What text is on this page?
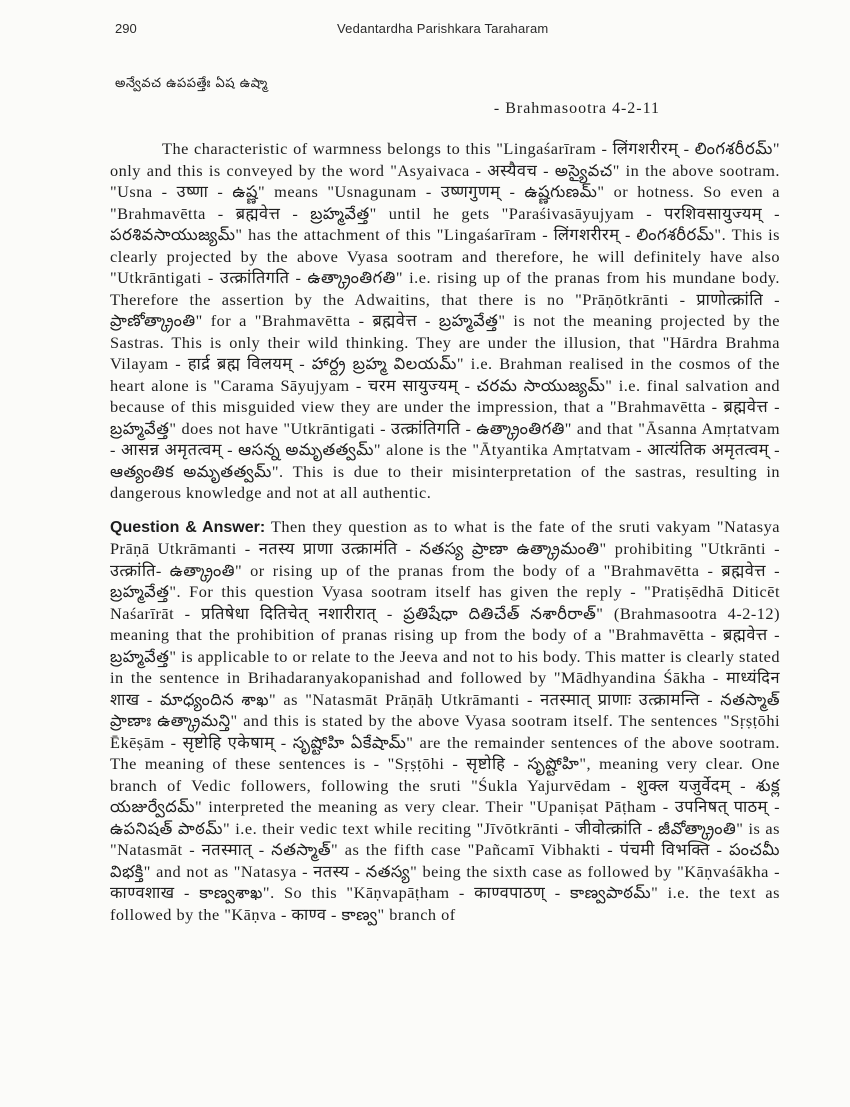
290	Vedantardha Parishkara Taraharam
అన్వేవచ ఉపపత్తేః ఏష ఉష్మా
- Brahmasootra 4-2-11

The characteristic of warmness belongs to this "Lingaśarīram - लिंगशरीरम् - లింగశరీరమ్" only and this is conveyed by the word "Asyaivaca - अस्यैवच - అస్యైవచ" in the above sootram. "Usna - उष्णा - ఉష్ణ" means "Usnagunam - उष्णगुणम् - ఉష్ణగుణమ్" or hotness. So even a "Brahmavētta - ब्रह्मवेत्त - బ్రహ్మవేత్త" until he gets "Paraśivasāyujyam - परशिवसायुज्यम् - పరశివసాయుజ్యమ్" has the attachment of this "Lingaśarīram - लिंगशरीरम् - లింగశరీరమ్". This is clearly projected by the above Vyasa sootram and therefore, he will definitely have also "Utkrāntigati - उत्क्रांतिगति - ఉత్క్రాంతిగతి" i.e. rising up of the pranas from his mundane body. Therefore the assertion by the Adwaitins, that there is no "Prāṇōtkrānti - प्राणोत्क्रांति - ప్రాణోత్క్రాంతి" for a "Brahmavētta - ब्रह्मवेत्त - బ్రహ్మవేత్త" is not the meaning projected by the Sastras. This is only their wild thinking. They are under the illusion, that "Hārdra Brahma Vilayam - हार्द्र ब्रह्म विलयम् - హార్ద్ర బ్రహ్మ విలయమ్" i.e. Brahman realised in the cosmos of the heart alone is "Carama Sāyujyam - चरम सायुज्यम् - చరమ సాయుజ్యమ్" i.e. final salvation and because of this misguided view they are under the impression, that a "Brahmavētta - ब्रह्मवेत्त - బ్రహ్మవేత్త" does not have "Utkrāntigati - उत्क्रांतिगति - ఉత్క్రాంతిగతి" and that "Āsanna Amṛtatvam - आसन्न अमृतत्वम् - ఆసన్న అమృతత్వమ్" alone is the "Ātyantika Amṛtatvam - आत्यंतिक अमृतत्वम् - ఆత్యంతిక అమృతత్వమ్". This is due to their misinterpretation of the sastras, resulting in dangerous knowledge and not at all authentic.

Question & Answer: Then they question as to what is the fate of the sruti vakyam "Natasya Prāṇā Utkrāmanti - नतस्य प्राणा उत्क्रामंति - నతస్య ప్రాణా ఉత్క్రామంతి" prohibiting "Utkrānti - उत्क्रांति- ఉత్క్రాంతి" or rising up of the pranas from the body of a "Brahmavētta - ब्रह्मवेत्त - బ్రహ్మవేత్త". For this question Vyasa sootram itself has given the reply - "Pratiṣēdhā Diticēt Naśarīrāt - प्रतिषेधा दितिचेत् नशारीरात् - ప్రతిషేధా దితిచేత్ నశారీరాత్" (Brahmasootra 4-2-12) meaning that the prohibition of pranas rising up from the body of a "Brahmavētta - ब्रह्मवेत्त - బ్రహ్మవేత్త" is applicable to or relate to the Jeeva and not to his body. This matter is clearly stated in the sentence in Brihadaranyakopanishad and followed by "Mādhyandina Śākha - माध्यंदिन शाख - మాధ్యందిన శాఖ" as "Natasmāt Prāṇāḥ Utkrāmanti - नतस्मात् प्राणाः उत्क्रामन्ति - నతస్మాత్ ప్రాణాః ఉత్క్రామన్తి" and this is stated by the above Vyasa sootram itself. The sentences "Sṛṣṭōhi Ēkēṣām - सृष्टोहि एकेषाम् - సృష్టోహి ఏకేషామ్" are the remainder sentences of the above sootram. The meaning of these sentences is - "Sṛṣṭōhi - सृष्टोहि - సృష్టోహి", meaning very clear. One branch of Vedic followers, following the sruti "Śukla Yajurvēdam - शुक्ल यजुर्वेदम् - శుక్ల యజుర్వేదమ్" interpreted the meaning as very clear. Their "Upaniṣat Pāṭham - उपनिषत् पाठम् - ఉపనిషత్ పాఠమ్" i.e. their vedic text while reciting "Jīvōtkrānti - जीवोत्क्रांति - జీవోత్క్రాంతి" is as "Natasmāt - नतस्मात् - నతస్మాత్" as the fifth case "Pañcamī Vibhakti - पंचमी विभक्ति - పంచమీ విభక్తి" and not as "Natasya - नतस्य - నతస్య" being the sixth case as followed by "Kāṇvaśākha - काण्वशाख - కాణ్వశాఖ". So this "Kāṇvapāṭham - काण्वपाठण् - కాణ్వపాఠమ్" i.e. the text as followed by the "Kāṇva - काण्व - కాణ్వ" branch of
